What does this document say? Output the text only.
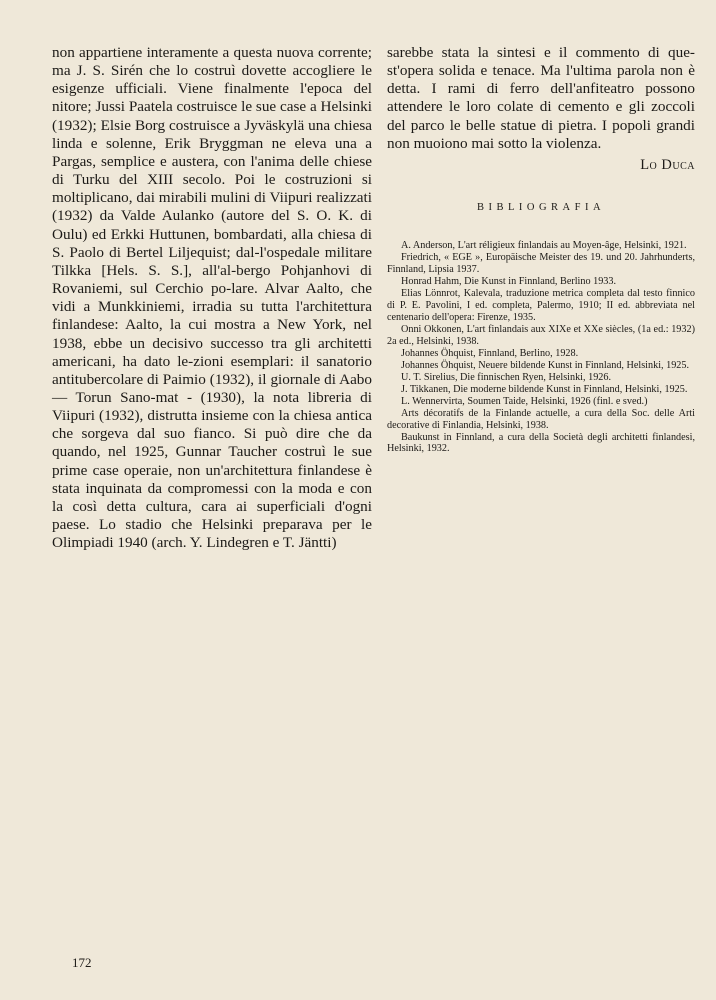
non appartiene interamente a questa nuova corrente; ma J. S. Sirén che lo costruì dovette accogliere le esigenze ufficiali. Viene finalmente l'epoca del nitore; Jussi Paatela costruisce le sue case a Helsinki (1932); Elsie Borg costruisce a Jyväskylä una chiesa linda e solenne, Erik Bryggman ne eleva una a Pargas, semplice e austera, con l'anima delle chiese di Turku del XIII secolo. Poi le costruzioni si moltiplicano, dai mirabili mulini di Viipuri realizzati (1932) da Valde Aulanko (autore del S. O. K. di Oulu) ed Erkki Huttunen, bombardati, alla chiesa di S. Paolo di Bertel Liljequist; dal-l'ospedale militare Tilkka [Hels. S. S.], all'al-bergo Pohjanhovi di Rovaniemi, sul Cerchio po-lare. Alvar Aalto, che vidi a Munkkiniemi, irradia su tutta l'architettura finlandese: Aalto, la cui mostra a New York, nel 1938, ebbe un decisivo successo tra gli architetti americani, ha dato le-zioni esemplari: il sanatorio antitubercolare di Paimio (1932), il giornale di Aabo — Torun Sano-mat - (1930), la nota libreria di Viipuri (1932), distrutta insieme con la chiesa antica che sorgeva dal suo fianco. Si può dire che da quando, nel 1925, Gunnar Taucher costruì le sue prime case operaie, non un'architettura finlandese è stata inquinata da compromessi con la moda e con la così detta cultura, cara ai superficiali d'ogni paese. Lo stadio che Helsinki preparava per le Olimpiadi 1940 (arch. Y. Lindegren e T. Jäntti)

sarebbe stata la sintesi e il commento di que-st'opera solida e tenace. Ma l'ultima parola non è detta. I rami di ferro dell'anfiteatro possono attendere le loro colate di cemento e gli zoccoli del parco le belle statue di pietra. I popoli grandi non muoiono mai sotto la violenza.

Lo Duca
BIBLIOGRAFIA

A. Anderson, L'art réligieux finlandais au Moyen-âge, Helsinki, 1921.

Friedrich, « EGE », Europäische Meister des 19. und 20. Jahrhunderts, Finnland, Lipsia 1937.

Honrad Hahm, Die Kunst in Finnland, Berlino 1933.

Elias Lönnrot, Kalevala, traduzione metrica completa dal testo finnico di P. E. Pavolini, I ed. completa, Palermo, 1910; II ed. abbreviata nel centenario dell'opera: Firenze, 1935.

Onni Okkonen, L'art finlandais aux XIXe et XXe siècles, (1a ed.: 1932) 2a ed., Helsinki, 1938.

Johannes Öhquist, Finnland, Berlino, 1928.

Johannes Öhquist, Neuere bildende Kunst in Finnland, Helsinki, 1925.

U. T. Sirelius, Die finnischen Ryen, Helsinki, 1926.

J. Tikkanen, Die moderne bildende Kunst in Finnland, Helsinki, 1925.

L. Wennervirta, Soumen Taide, Helsinki, 1926 (finl. e sved.)

Arts décoratifs de la Finlande actuelle, a cura della Soc. delle Arti decorative di Finlandia, Helsinki, 1938.

Baukunst in Finnland, a cura della Società degli architetti finlandesi, Helsinki, 1932.

172
